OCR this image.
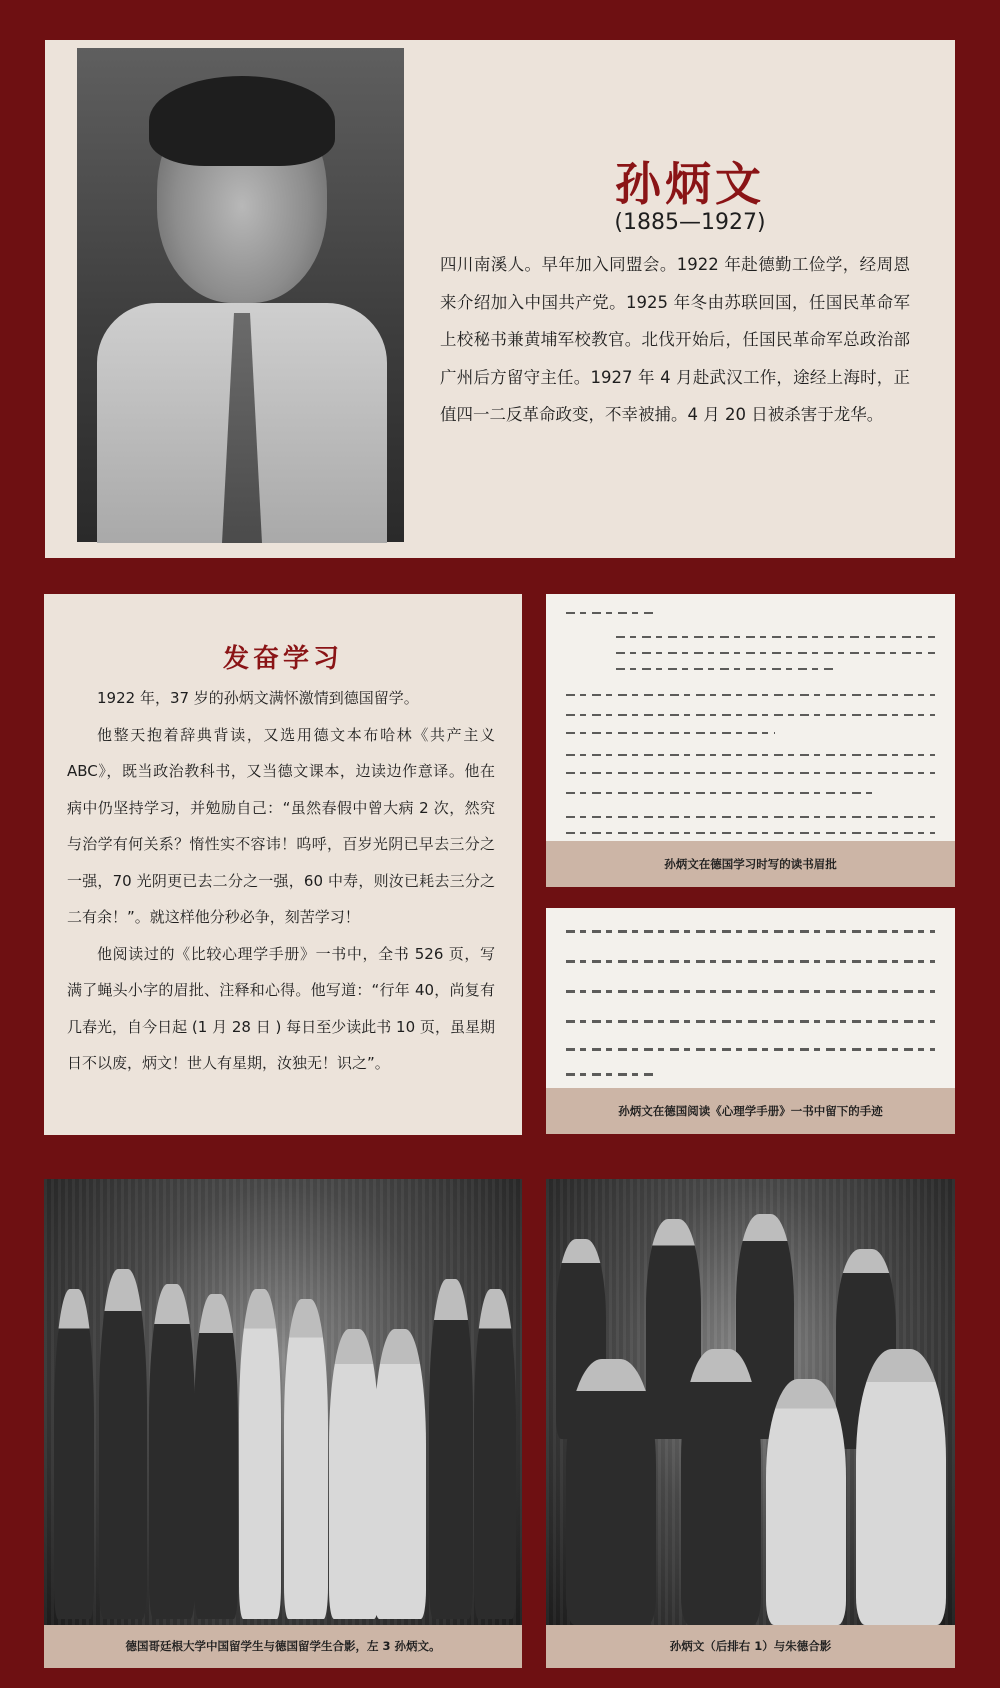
孙炳文
(1885—1927)
四川南溪人。早年加入同盟会。1922 年赴德勤工俭学，经周恩来介绍加入中国共产党。1925 年冬由苏联回国，任国民革命军上校秘书兼黄埔军校教官。北伐开始后，任国民革命军总政治部广州后方留守主任。1927 年 4 月赴武汉工作，途经上海时，正值四一二反革命政变，不幸被捕。4 月 20 日被杀害于龙华。
发奋学习

1922 年，37 岁的孙炳文满怀激情到德国留学。

他整天抱着辞典背读，又选用德文本布哈林《共产主义 ABC》，既当政治教科书，又当德文课本，边读边作意译。他在病中仍坚持学习，并勉励自己：“虽然春假中曾大病 2 次，然究与治学有何关系？惰性实不容讳！呜呼，百岁光阴已早去三分之一强，70 光阴更已去二分之一强，60 中寿，则汝已耗去三分之二有余！”。就这样他分秒必争，刻苦学习！

他阅读过的《比较心理学手册》一书中，全书 526 页，写满了蝇头小字的眉批、注释和心得。他写道：“行年 40，尚复有几春光，自今日起 (1 月 28 日 ) 每日至少读此书 10 页，虽星期日不以废，炳文！世人有星期，汝独无！识之”。

孙炳文在德国学习时写的读书眉批
孙炳文在德国阅读《心理学手册》一书中留下的手迹
德国哥廷根大学中国留学生与德国留学生合影，左 3 孙炳文。	孙炳文（后排右 1）与朱德合影
